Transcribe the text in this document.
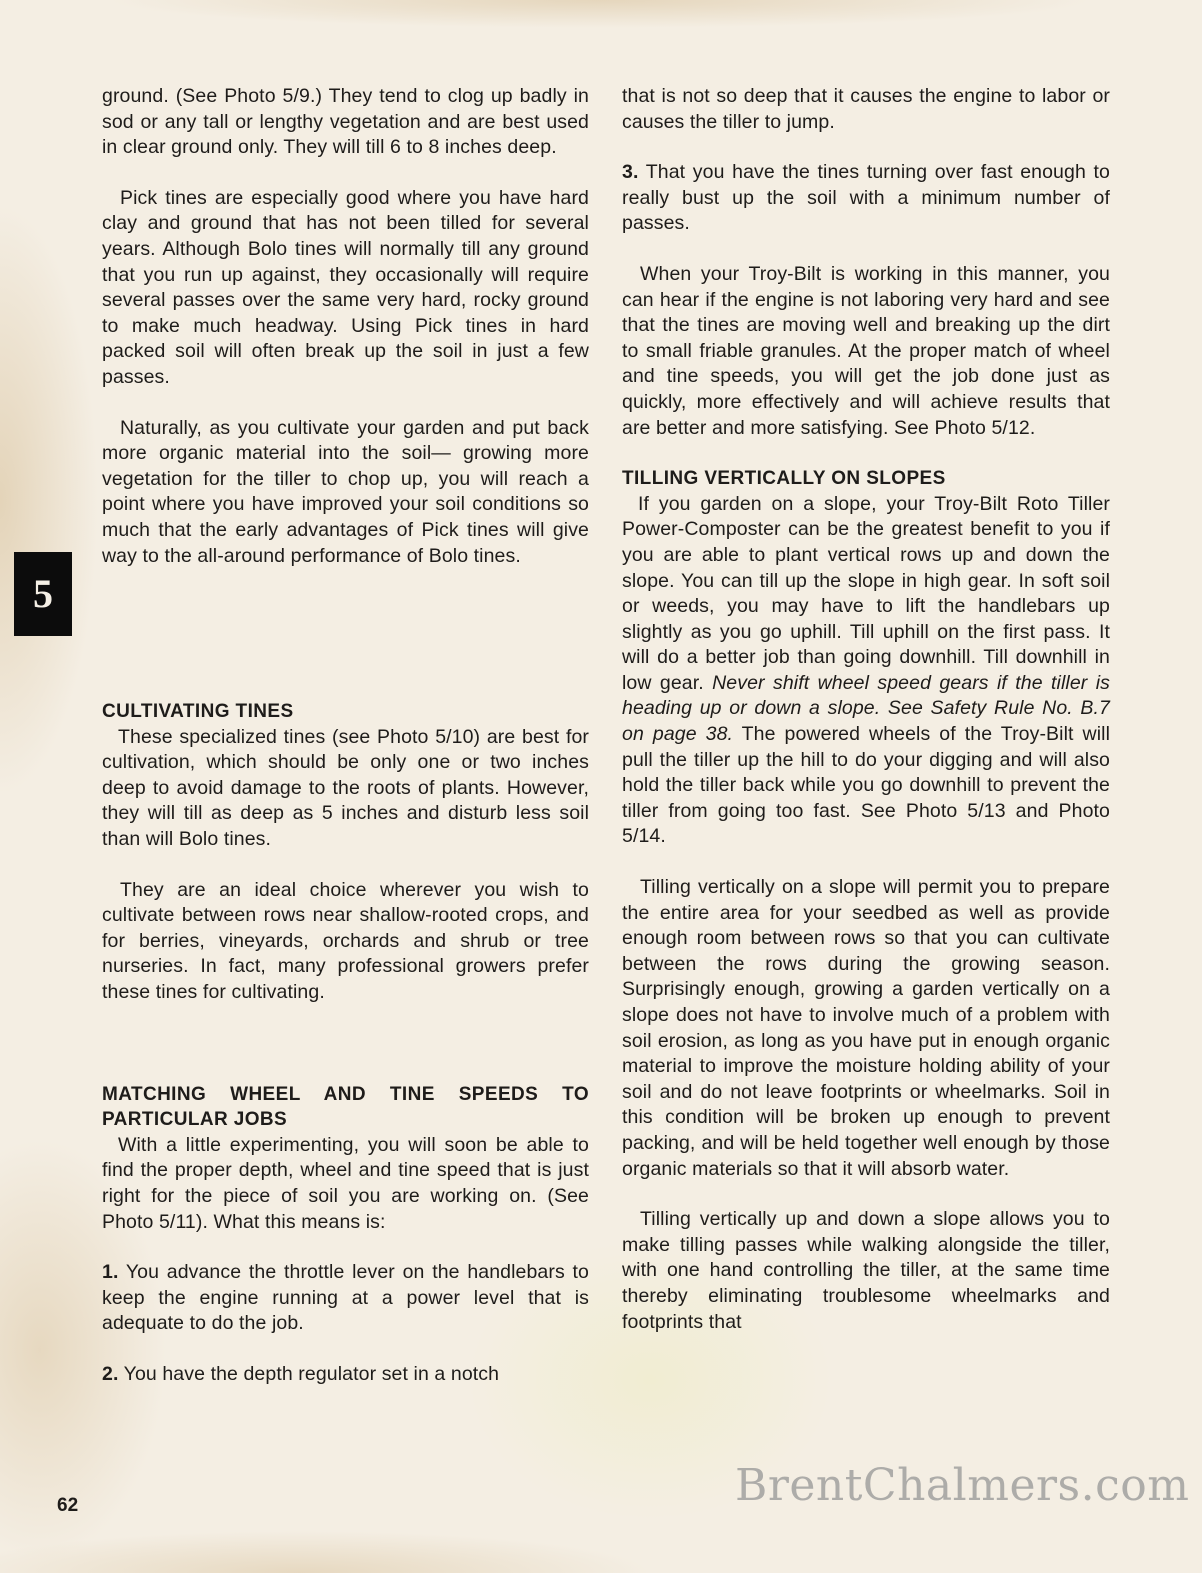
5

ground. (See Photo 5/9.) They tend to clog up badly in sod or any tall or lengthy vegetation and are best used in clear ground only. They will till 6 to 8 inches deep.

Pick tines are especially good where you have hard clay and ground that has not been tilled for several years. Although Bolo tines will normally till any ground that you run up against, they occasionally will require several passes over the same very hard, rocky ground to make much headway. Using Pick tines in hard packed soil will often break up the soil in just a few passes.

Naturally, as you cultivate your garden and put back more organic material into the soil— growing more vegetation for the tiller to chop up, you will reach a point where you have improved your soil conditions so much that the early advantages of Pick tines will give way to the all-around performance of Bolo tines.

CULTIVATING TINES

These specialized tines (see Photo 5/10) are best for cultivation, which should be only one or two inches deep to avoid damage to the roots of plants. However, they will till as deep as 5 inches and disturb less soil than will Bolo tines.

They are an ideal choice wherever you wish to cultivate between rows near shallow-rooted crops, and for berries, vineyards, orchards and shrub or tree nurseries. In fact, many professional growers prefer these tines for cultivating.

MATCHING WHEEL AND TINE SPEEDS TO PARTICULAR JOBS

With a little experimenting, you will soon be able to find the proper depth, wheel and tine speed that is just right for the piece of soil you are working on. (See Photo 5/11). What this means is:

1. You advance the throttle lever on the handlebars to keep the engine running at a power level that is adequate to do the job.

2. You have the depth regulator set in a notch

that is not so deep that it causes the engine to labor or causes the tiller to jump.

3. That you have the tines turning over fast enough to really bust up the soil with a minimum number of passes.

When your Troy-Bilt is working in this manner, you can hear if the engine is not laboring very hard and see that the tines are moving well and breaking up the dirt to small friable granules. At the proper match of wheel and tine speeds, you will get the job done just as quickly, more effectively and will achieve results that are better and more satisfying. See Photo 5/12.

TILLING VERTICALLY ON SLOPES

If you garden on a slope, your Troy-Bilt Roto Tiller Power-Composter can be the greatest benefit to you if you are able to plant vertical rows up and down the slope. You can till up the slope in high gear. In soft soil or weeds, you may have to lift the handlebars up slightly as you go uphill. Till uphill on the first pass. It will do a better job than going downhill. Till downhill in low gear. Never shift wheel speed gears if the tiller is heading up or down a slope. See Safety Rule No. B.7 on page 38. The powered wheels of the Troy-Bilt will pull the tiller up the hill to do your digging and will also hold the tiller back while you go downhill to prevent the tiller from going too fast. See Photo 5/13 and Photo 5/14.

Tilling vertically on a slope will permit you to prepare the entire area for your seedbed as well as provide enough room between rows so that you can cultivate between the rows during the growing season. Surprisingly enough, growing a garden vertically on a slope does not have to involve much of a problem with soil erosion, as long as you have put in enough organic material to improve the moisture holding ability of your soil and do not leave footprints or wheelmarks. Soil in this condition will be broken up enough to prevent packing, and will be held together well enough by those organic materials so that it will absorb water.

Tilling vertically up and down a slope allows you to make tilling passes while walking alongside the tiller, with one hand controlling the tiller, at the same time thereby eliminating troublesome wheelmarks and footprints that

62	BrentChalmers.com
